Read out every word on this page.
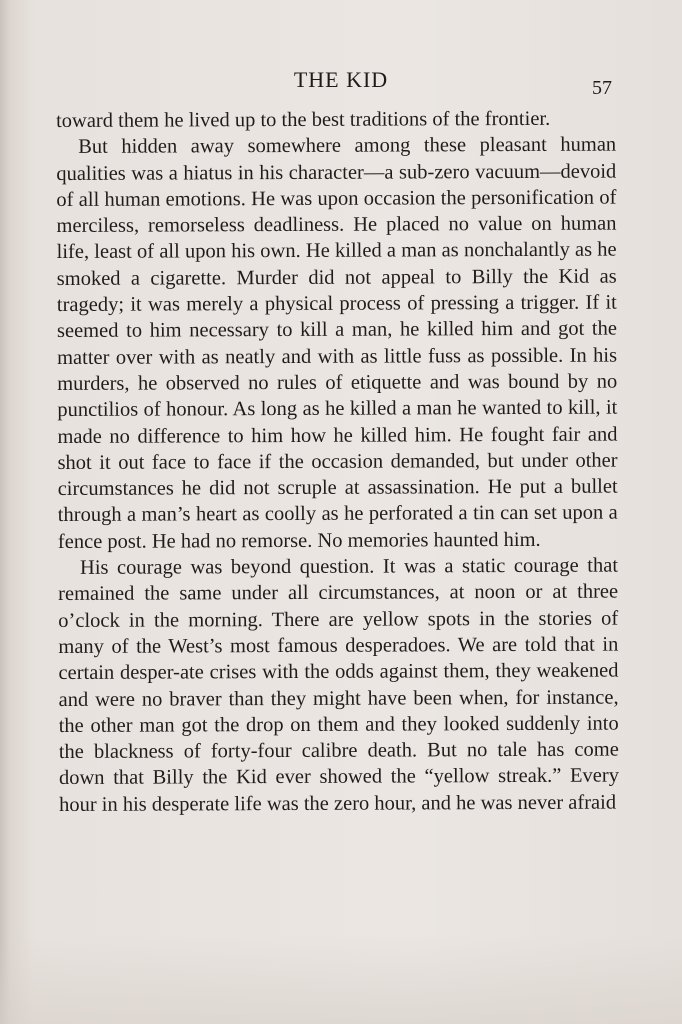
THE KID	57

toward them he lived up to the best traditions of the frontier.

But hidden away somewhere among these pleasant human qualities was a hiatus in his character—a sub-zero vacuum—devoid of all human emotions. He was upon occasion the personification of merciless, remorseless deadliness. He placed no value on human life, least of all upon his own. He killed a man as nonchalantly as he smoked a cigarette. Murder did not appeal to Billy the Kid as tragedy; it was merely a physical process of pressing a trigger. If it seemed to him necessary to kill a man, he killed him and got the matter over with as neatly and with as little fuss as possible. In his murders, he observed no rules of etiquette and was bound by no punctilios of honour. As long as he killed a man he wanted to kill, it made no difference to him how he killed him. He fought fair and shot it out face to face if the occasion demanded, but under other circumstances he did not scruple at assassination. He put a bullet through a man’s heart as coolly as he perforated a tin can set upon a fence post. He had no remorse. No memories haunted him.

His courage was beyond question. It was a static courage that remained the same under all circumstances, at noon or at three o’clock in the morning. There are yellow spots in the stories of many of the West’s most famous desperadoes. We are told that in certain desper-ate crises with the odds against them, they weakened and were no braver than they might have been when, for instance, the other man got the drop on them and they looked suddenly into the blackness of forty-four calibre death. But no tale has come down that Billy the Kid ever showed the “yellow streak.” Every hour in his desperate life was the zero hour, and he was never afraid
